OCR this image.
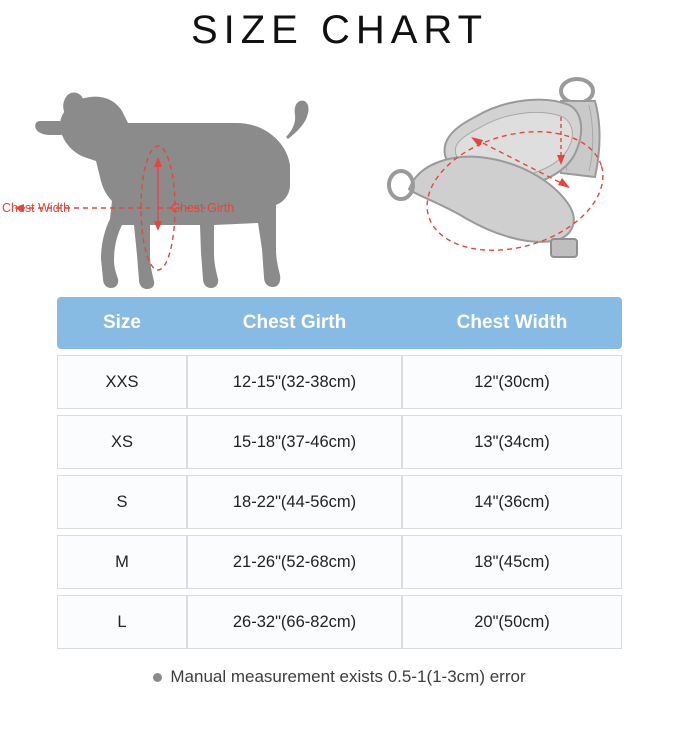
SIZE CHART
Chest Width	Chest Girth
Size	Chest Girth	Chest Width
XXS	12-15"(32-38cm)	12"(30cm)
XS	15-18"(37-46cm)	13"(34cm)
S	18-22"(44-56cm)	14"(36cm)
M	21-26"(52-68cm)	18"(45cm)
L	26-32"(66-82cm)	20"(50cm)
Manual measurement exists 0.5-1(1-3cm) error
